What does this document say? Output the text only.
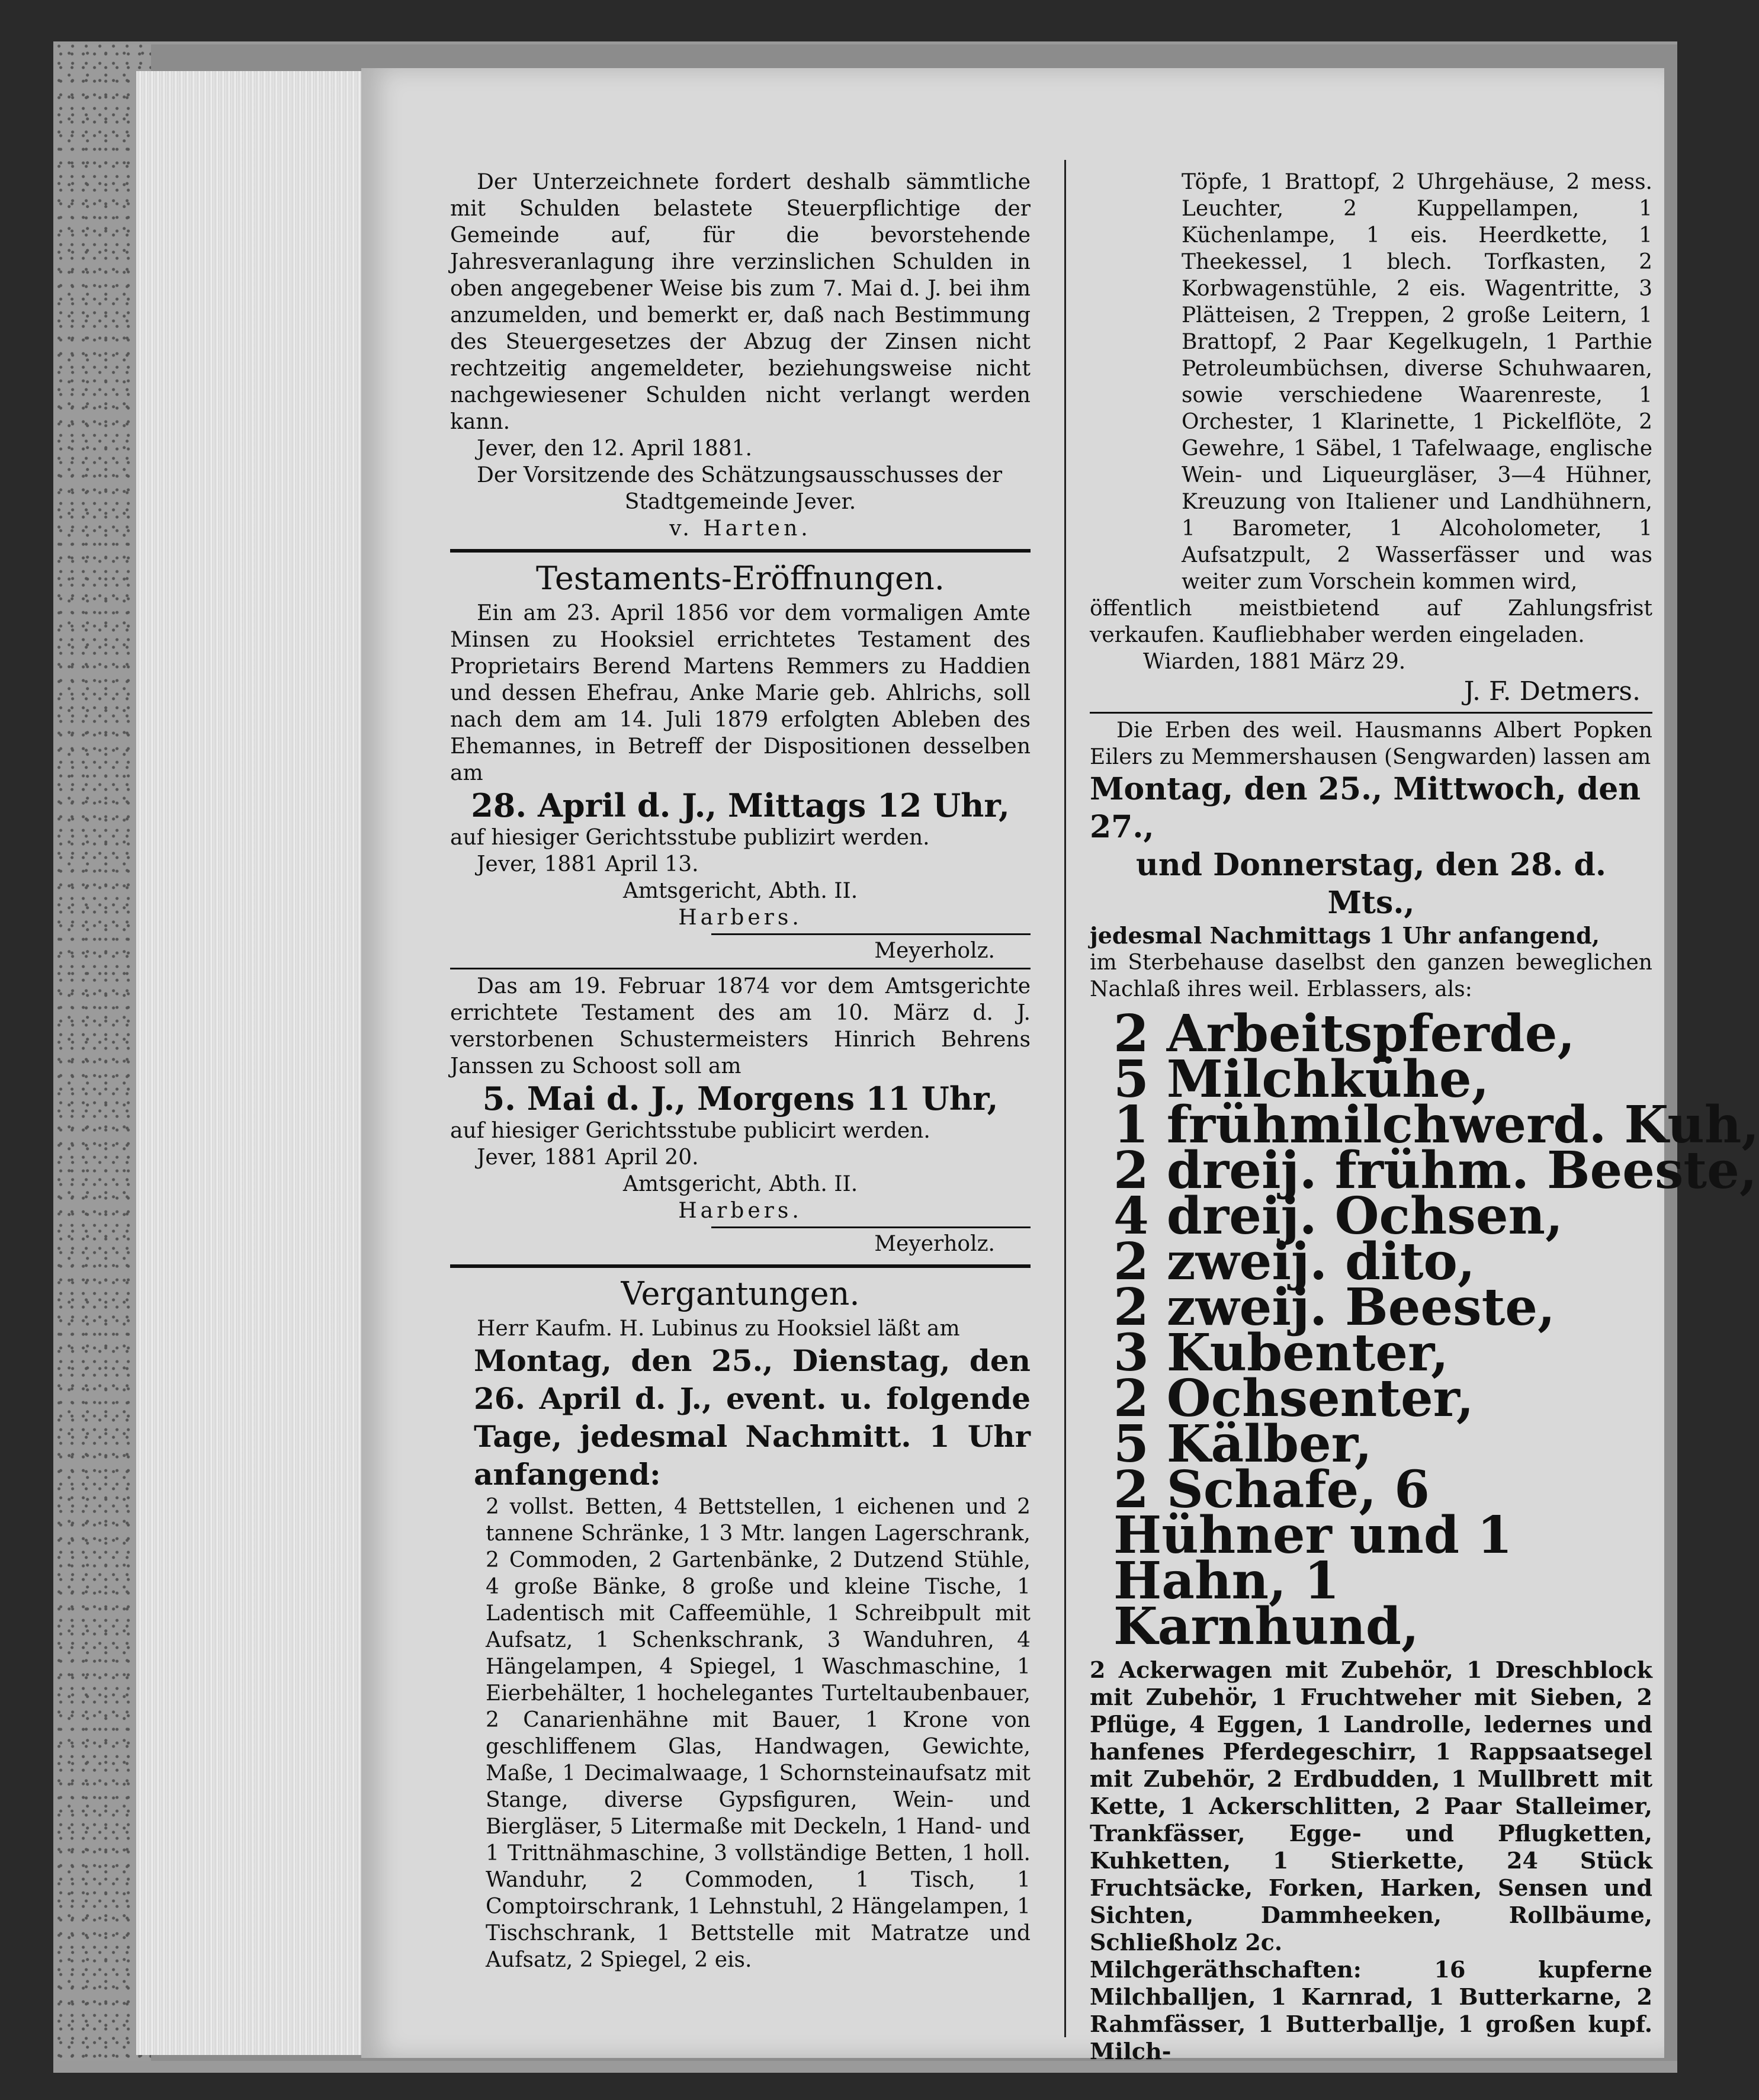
Der Unterzeichnete fordert deshalb sämmtliche mit Schulden belastete Steuerpflichtige der Gemeinde auf, für die bevorstehende Jahresveranlagung ihre verzinslichen Schulden in oben angegebener Weise bis zum 7. Mai d. J. bei ihm anzumelden, und bemerkt er, daß nach Bestimmung des Steuergesetzes der Abzug der Zinsen nicht rechtzeitig angemeldeter, beziehungsweise nicht nachgewiesener Schulden nicht verlangt werden kann.

Jever, den 12. April 1881.

Der Vorsitzende des Schätzungsausschusses der

Stadtgemeinde Jever.

v. Harten.

Testaments-Eröffnungen.

Ein am 23. April 1856 vor dem vormaligen Amte Minsen zu Hooksiel errichtetes Testament des Proprietairs Berend Martens Remmers zu Haddien und dessen Ehefrau, Anke Marie geb. Ahlrichs, soll nach dem am 14. Juli 1879 erfolgten Ableben des Ehemannes, in Betreff der Dispositionen desselben am

28. April d. J., Mittags 12 Uhr,

auf hiesiger Gerichtsstube publizirt werden.

Jever, 1881 April 13.

Amtsgericht, Abth. II.

Harbers.

Meyerholz.

Das am 19. Februar 1874 vor dem Amtsgerichte errichtete Testament des am 10. März d. J. verstorbenen Schustermeisters Hinrich Behrens Janssen zu Schoost soll am

5. Mai d. J., Morgens 11 Uhr,

auf hiesiger Gerichtsstube publicirt werden.

Jever, 1881 April 20.

Amtsgericht, Abth. II.

Harbers.

Meyerholz.

Vergantungen.

Herr Kaufm. H. Lubinus zu Hooksiel läßt am

Montag, den 25., Dienstag, den 26. April d. J., event. u. folgende Tage, jedesmal Nachmitt. 1 Uhr anfangend:

2 vollst. Betten, 4 Bettstellen, 1 eichenen und 2 tannene Schränke, 1 3 Mtr. langen Lagerschrank, 2 Commoden, 2 Gartenbänke, 2 Dutzend Stühle, 4 große Bänke, 8 große und kleine Tische, 1 Ladentisch mit Caffeemühle, 1 Schreibpult mit Aufsatz, 1 Schenkschrank, 3 Wanduhren, 4 Hängelampen, 4 Spiegel, 1 Waschmaschine, 1 Eierbehälter, 1 hochelegantes Turteltaubenbauer, 2 Canarienhähne mit Bauer, 1 Krone von geschliffenem Glas, Handwagen, Gewichte, Maße, 1 Decimalwaage, 1 Schornsteinaufsatz mit Stange, diverse Gypsfiguren, Wein- und Biergläser, 5 Litermaße mit Deckeln, 1 Hand- und 1 Trittnähmaschine, 3 vollständige Betten, 1 holl. Wanduhr, 2 Commoden, 1 Tisch, 1 Comptoirschrank, 1 Lehnstuhl, 2 Hängelampen, 1 Tischschrank, 1 Bettstelle mit Matratze und Aufsatz, 2 Spiegel, 2 eis.

Töpfe, 1 Brattopf, 2 Uhrgehäuse, 2 mess. Leuchter, 2 Kuppellampen, 1 Küchenlampe, 1 eis. Heerdkette, 1 Theekessel, 1 blech. Torfkasten, 2 Korbwagenstühle, 2 eis. Wagentritte, 3 Plätteisen, 2 Treppen, 2 große Leitern, 1 Brattopf, 2 Paar Kegelkugeln, 1 Parthie Petroleumbüchsen, diverse Schuhwaaren, sowie verschiedene Waarenreste, 1 Orchester, 1 Klarinette, 1 Pickelflöte, 2 Gewehre, 1 Säbel, 1 Tafelwaage, englische Wein- und Liqueurgläser, 3—4 Hühner, Kreuzung von Italiener und Landhühnern, 1 Barometer, 1 Alcoholometer, 1 Aufsatzpult, 2 Wasserfässer und was weiter zum Vorschein kommen wird,

öffentlich meistbietend auf Zahlungsfrist verkaufen. Kaufliebhaber werden eingeladen.

Wiarden, 1881 März 29.

J. F. Detmers.

Die Erben des weil. Hausmanns Albert Popken Eilers zu Memmershausen (Sengwarden) lassen am

Montag, den 25., Mittwoch, den 27.,

und Donnerstag, den 28. d. Mts.,

jedesmal Nachmittags 1 Uhr anfangend,

im Sterbehause daselbst den ganzen beweglichen Nachlaß ihres weil. Erblassers, als:

2 Arbeitspferde,

5 Milchkühe,

1 frühmilchwerd. Kuh,

2 dreij. frühm. Beeste,

4 dreij. Ochsen,

2 zweij. dito,

2 zweij. Beeste,

3 Kubenter,

2 Ochsenter,

5 Kälber,

2 Schafe, 6 Hühner und 1 Hahn, 1 Karnhund,

2 Ackerwagen mit Zubehör, 1 Dreschblock mit Zubehör, 1 Fruchtweher mit Sieben, 2 Pflüge, 4 Eggen, 1 Landrolle, ledernes und hanfenes Pferdegeschirr, 1 Rappsaatsegel mit Zubehör, 2 Erdbudden, 1 Mullbrett mit Kette, 1 Ackerschlitten, 2 Paar Stalleimer, Trankfässer, Egge- und Pflugketten, Kuhketten, 1 Stierkette, 24 Stück Fruchtsäcke, Forken, Harken, Sensen und Sichten, Dammheeken, Rollbäume, Schließholz 2c.

Milchgeräthschaften:	16 kupferne Milchballjen, 1 Karnrad, 1 Butterkarne, 2 Rahmfässer, 1 Butterballje, 1 großen kupf. Milch-
